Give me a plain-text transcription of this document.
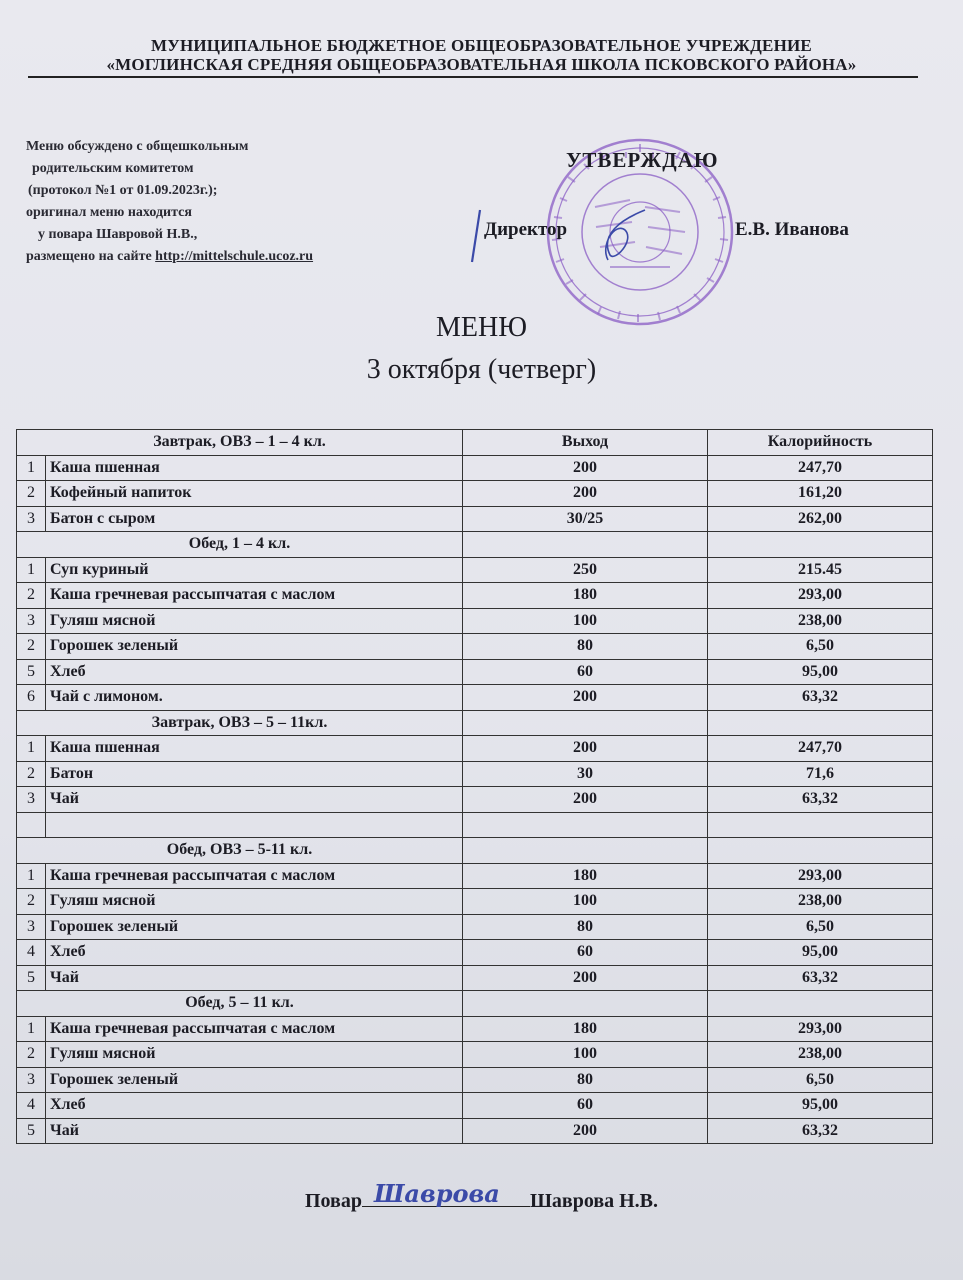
МУНИЦИПАЛЬНОЕ БЮДЖЕТНОЕ ОБЩЕОБРАЗОВАТЕЛЬНОЕ УЧРЕЖДЕНИЕ
«МОГЛИНСКАЯ СРЕДНЯЯ ОБЩЕОБРАЗОВАТЕЛЬНАЯ ШКОЛА ПСКОВСКОГО РАЙОНА»
Меню обсуждено с общешкольным
родительским комитетом
(протокол №1 от 01.09.2023г.);
оригинал меню находится
у повара Шавровой Н.В.,
размещено на сайте http://mittelschule.ucoz.ru
УТВЕРЖДАЮ
Директор	Е.В. Иванова
МЕНЮ
3 октября (четверг)
Завтрак, ОВЗ – 1 – 4 кл.		Выход	Калорийность
1	Каша пшенная	200	247,70
2	Кофейный напиток	200	161,20
3	Батон с сыром	30/25	262,00
Обед, 1 – 4 кл.			
1	Суп куриный	250	215.45
2	Каша гречневая рассыпчатая с маслом	180	293,00
3	Гуляш мясной	100	238,00
2	Горошек зеленый	80	6,50
5	Хлеб	60	95,00
6	Чай с лимоном.	200	63,32
Завтрак, ОВЗ – 5 – 11кл.			
1	Каша пшенная	200	247,70
2	Батон	30	71,6
3	Чай	200	63,32

Обед, ОВЗ – 5-11 кл.			
1	Каша гречневая рассыпчатая с маслом	180	293,00
2	Гуляш мясной	100	238,00
3	Горошек зеленый	80	6,50
4	Хлеб	60	95,00
5	Чай	200	63,32
Обед, 5 – 11 кл.			
1	Каша гречневая рассыпчатая с маслом	180	293,00
2	Гуляш мясной	100	238,00
3	Горошек зеленый	80	6,50
4	Хлеб	60	95,00
5	Чай	200	63,32
Повар Шаврова Шаврова Н.В.
